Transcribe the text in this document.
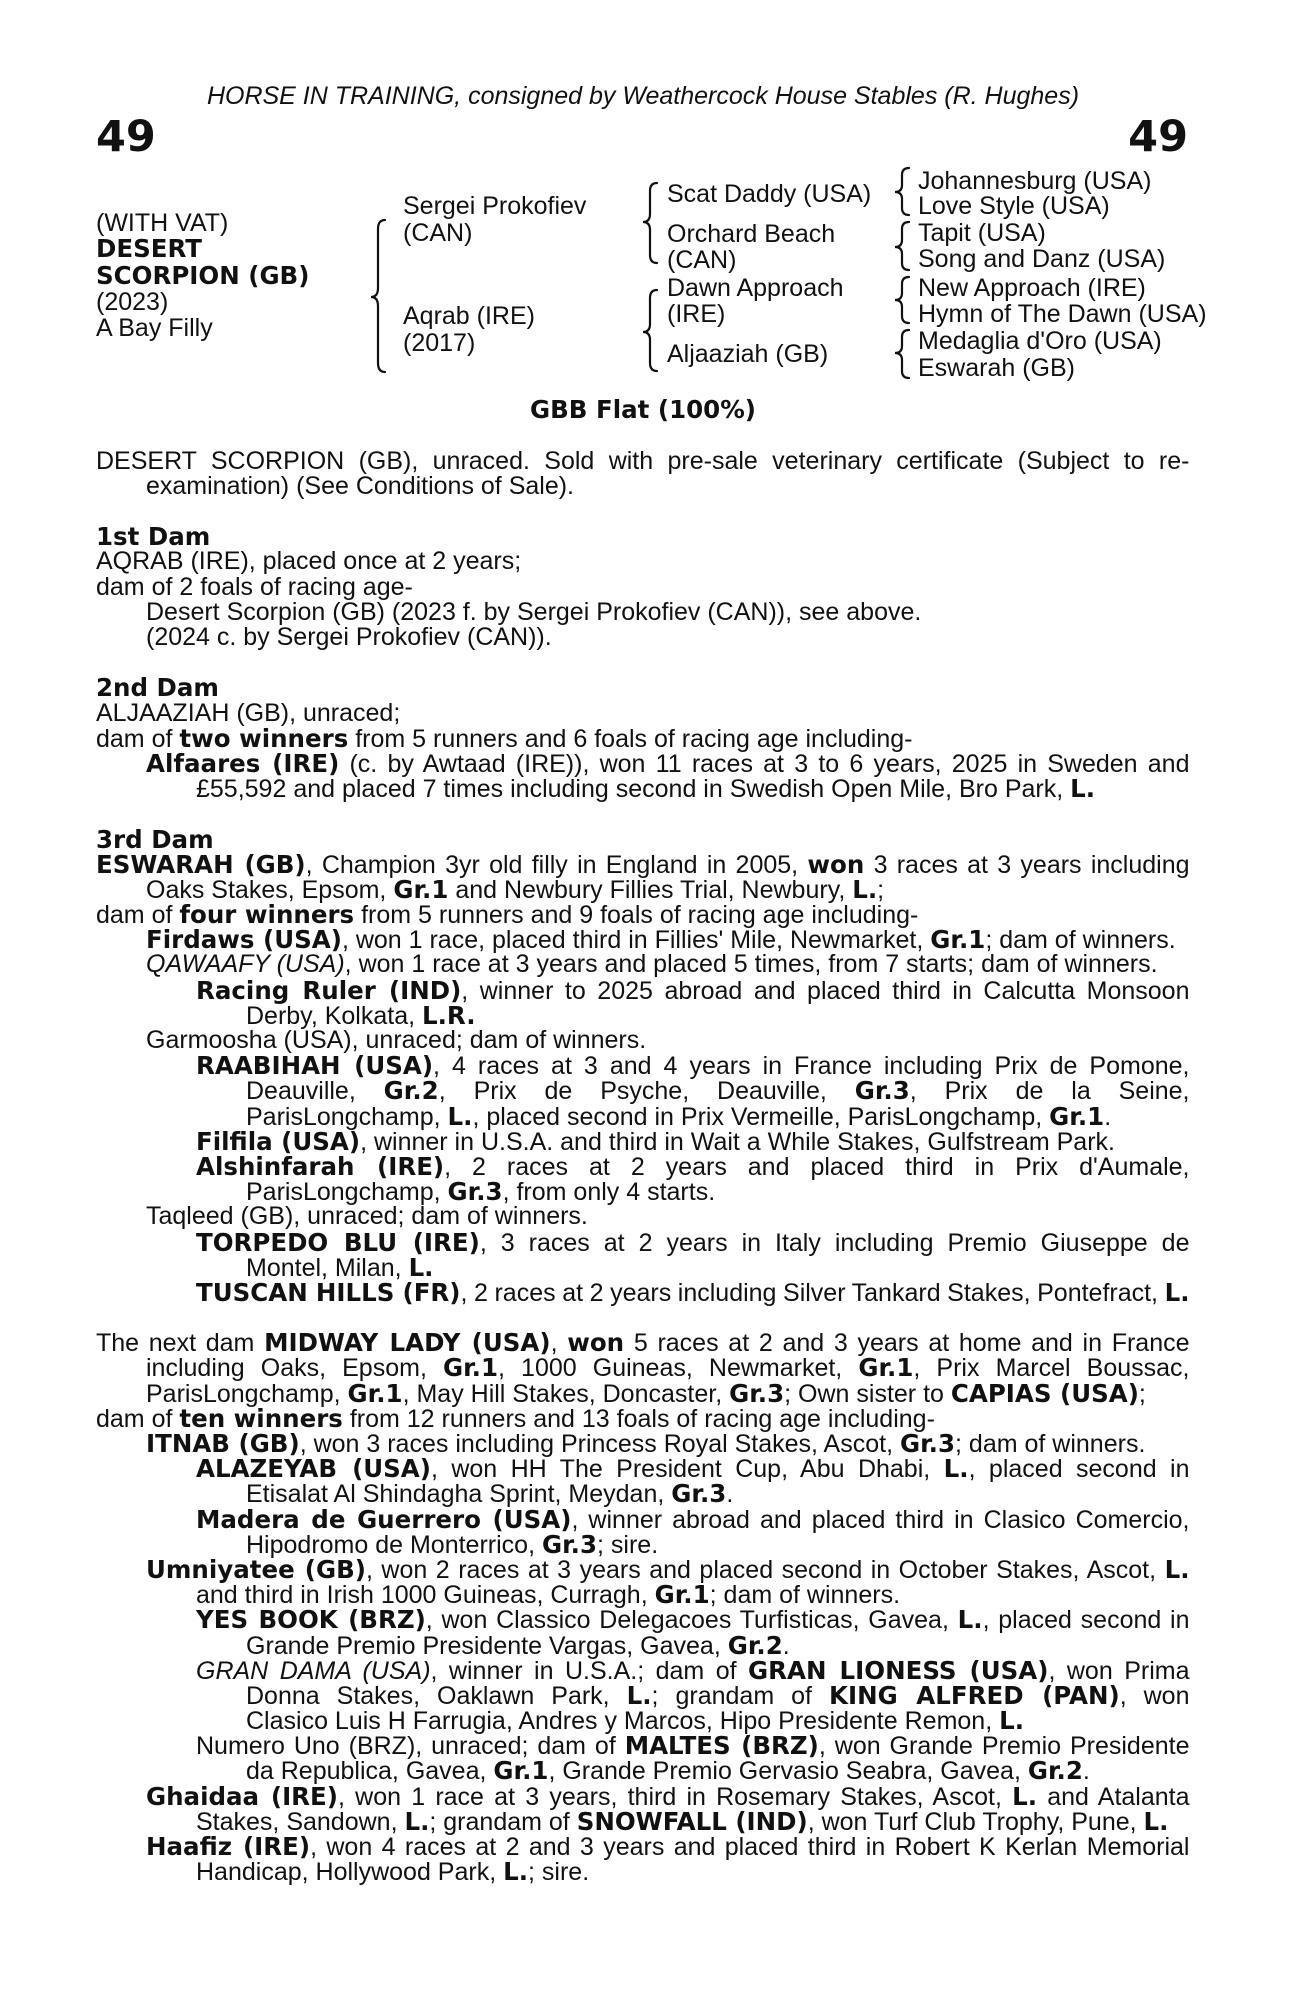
HORSE IN TRAINING, consigned by Weathercock House Stables (R. Hughes)
49	49
(WITH VAT)
DESERT SCORPION (GB)
(2023)
A Bay Filly
Sergei Prokofiev (CAN)
Aqrab (IRE)
(2017)
Scat Daddy (USA)
Orchard Beach (CAN)
Dawn Approach (IRE)
Aljaaziah (GB)
Johannesburg (USA)
Love Style (USA)
Tapit (USA)
Song and Danz (USA)
New Approach (IRE)
Hymn of The Dawn (USA)
Medaglia d'Oro (USA)
Eswarah (GB)
GBB Flat (100%)
DESERT SCORPION (GB), unraced. Sold with pre-sale veterinary certificate (Subject to re-
examination) (See Conditions of Sale).
1st Dam
AQRAB (IRE), placed once at 2 years;
dam of 2 foals of racing age-
Desert Scorpion (GB) (2023 f. by Sergei Prokofiev (CAN)), see above.
(2024 c. by Sergei Prokofiev (CAN)).
2nd Dam
ALJAAZIAH (GB), unraced;
dam of two winners from 5 runners and 6 foals of racing age including-
Alfaares (IRE) (c. by Awtaad (IRE)), won 11 races at 3 to 6 years, 2025 in Sweden and
£55,592 and placed 7 times including second in Swedish Open Mile, Bro Park, L.
3rd Dam
ESWARAH (GB), Champion 3yr old filly in England in 2005, won 3 races at 3 years including
Oaks Stakes, Epsom, Gr.1 and Newbury Fillies Trial, Newbury, L.;
dam of four winners from 5 runners and 9 foals of racing age including-
Firdaws (USA), won 1 race, placed third in Fillies' Mile, Newmarket, Gr.1; dam of winners.
QAWAAFY (USA), won 1 race at 3 years and placed 5 times, from 7 starts; dam of winners.
Racing Ruler (IND), winner to 2025 abroad and placed third in Calcutta Monsoon
Derby, Kolkata, L.R.
Garmoosha (USA), unraced; dam of winners.
RAABIHAH (USA), 4 races at 3 and 4 years in France including Prix de Pomone,
Deauville, Gr.2, Prix de Psyche, Deauville, Gr.3, Prix de la Seine,
ParisLongchamp, L., placed second in Prix Vermeille, ParisLongchamp, Gr.1.
Filfila (USA), winner in U.S.A. and third in Wait a While Stakes, Gulfstream Park.
Alshinfarah (IRE), 2 races at 2 years and placed third in Prix d'Aumale,
ParisLongchamp, Gr.3, from only 4 starts.
Taqleed (GB), unraced; dam of winners.
TORPEDO BLU (IRE), 3 races at 2 years in Italy including Premio Giuseppe de
Montel, Milan, L.
TUSCAN HILLS (FR), 2 races at 2 years including Silver Tankard Stakes, Pontefract, L.
The next dam MIDWAY LADY (USA), won 5 races at 2 and 3 years at home and in France
including Oaks, Epsom, Gr.1, 1000 Guineas, Newmarket, Gr.1, Prix Marcel Boussac,
ParisLongchamp, Gr.1, May Hill Stakes, Doncaster, Gr.3; Own sister to CAPIAS (USA);
dam of ten winners from 12 runners and 13 foals of racing age including-
ITNAB (GB), won 3 races including Princess Royal Stakes, Ascot, Gr.3; dam of winners.
ALAZEYAB (USA), won HH The President Cup, Abu Dhabi, L., placed second in
Etisalat Al Shindagha Sprint, Meydan, Gr.3.
Madera de Guerrero (USA), winner abroad and placed third in Clasico Comercio,
Hipodromo de Monterrico, Gr.3; sire.
Umniyatee (GB), won 2 races at 3 years and placed second in October Stakes, Ascot, L.
and third in Irish 1000 Guineas, Curragh, Gr.1; dam of winners.
YES BOOK (BRZ), won Classico Delegacoes Turfisticas, Gavea, L., placed second in
Grande Premio Presidente Vargas, Gavea, Gr.2.
GRAN DAMA (USA), winner in U.S.A.; dam of GRAN LIONESS (USA), won Prima
Donna Stakes, Oaklawn Park, L.; grandam of KING ALFRED (PAN), won
Clasico Luis H Farrugia, Andres y Marcos, Hipo Presidente Remon, L.
Numero Uno (BRZ), unraced; dam of MALTES (BRZ), won Grande Premio Presidente
da Republica, Gavea, Gr.1, Grande Premio Gervasio Seabra, Gavea, Gr.2.
Ghaidaa (IRE), won 1 race at 3 years, third in Rosemary Stakes, Ascot, L. and Atalanta
Stakes, Sandown, L.; grandam of SNOWFALL (IND), won Turf Club Trophy, Pune, L.
Haafiz (IRE), won 4 races at 2 and 3 years and placed third in Robert K Kerlan Memorial
Handicap, Hollywood Park, L.; sire.
